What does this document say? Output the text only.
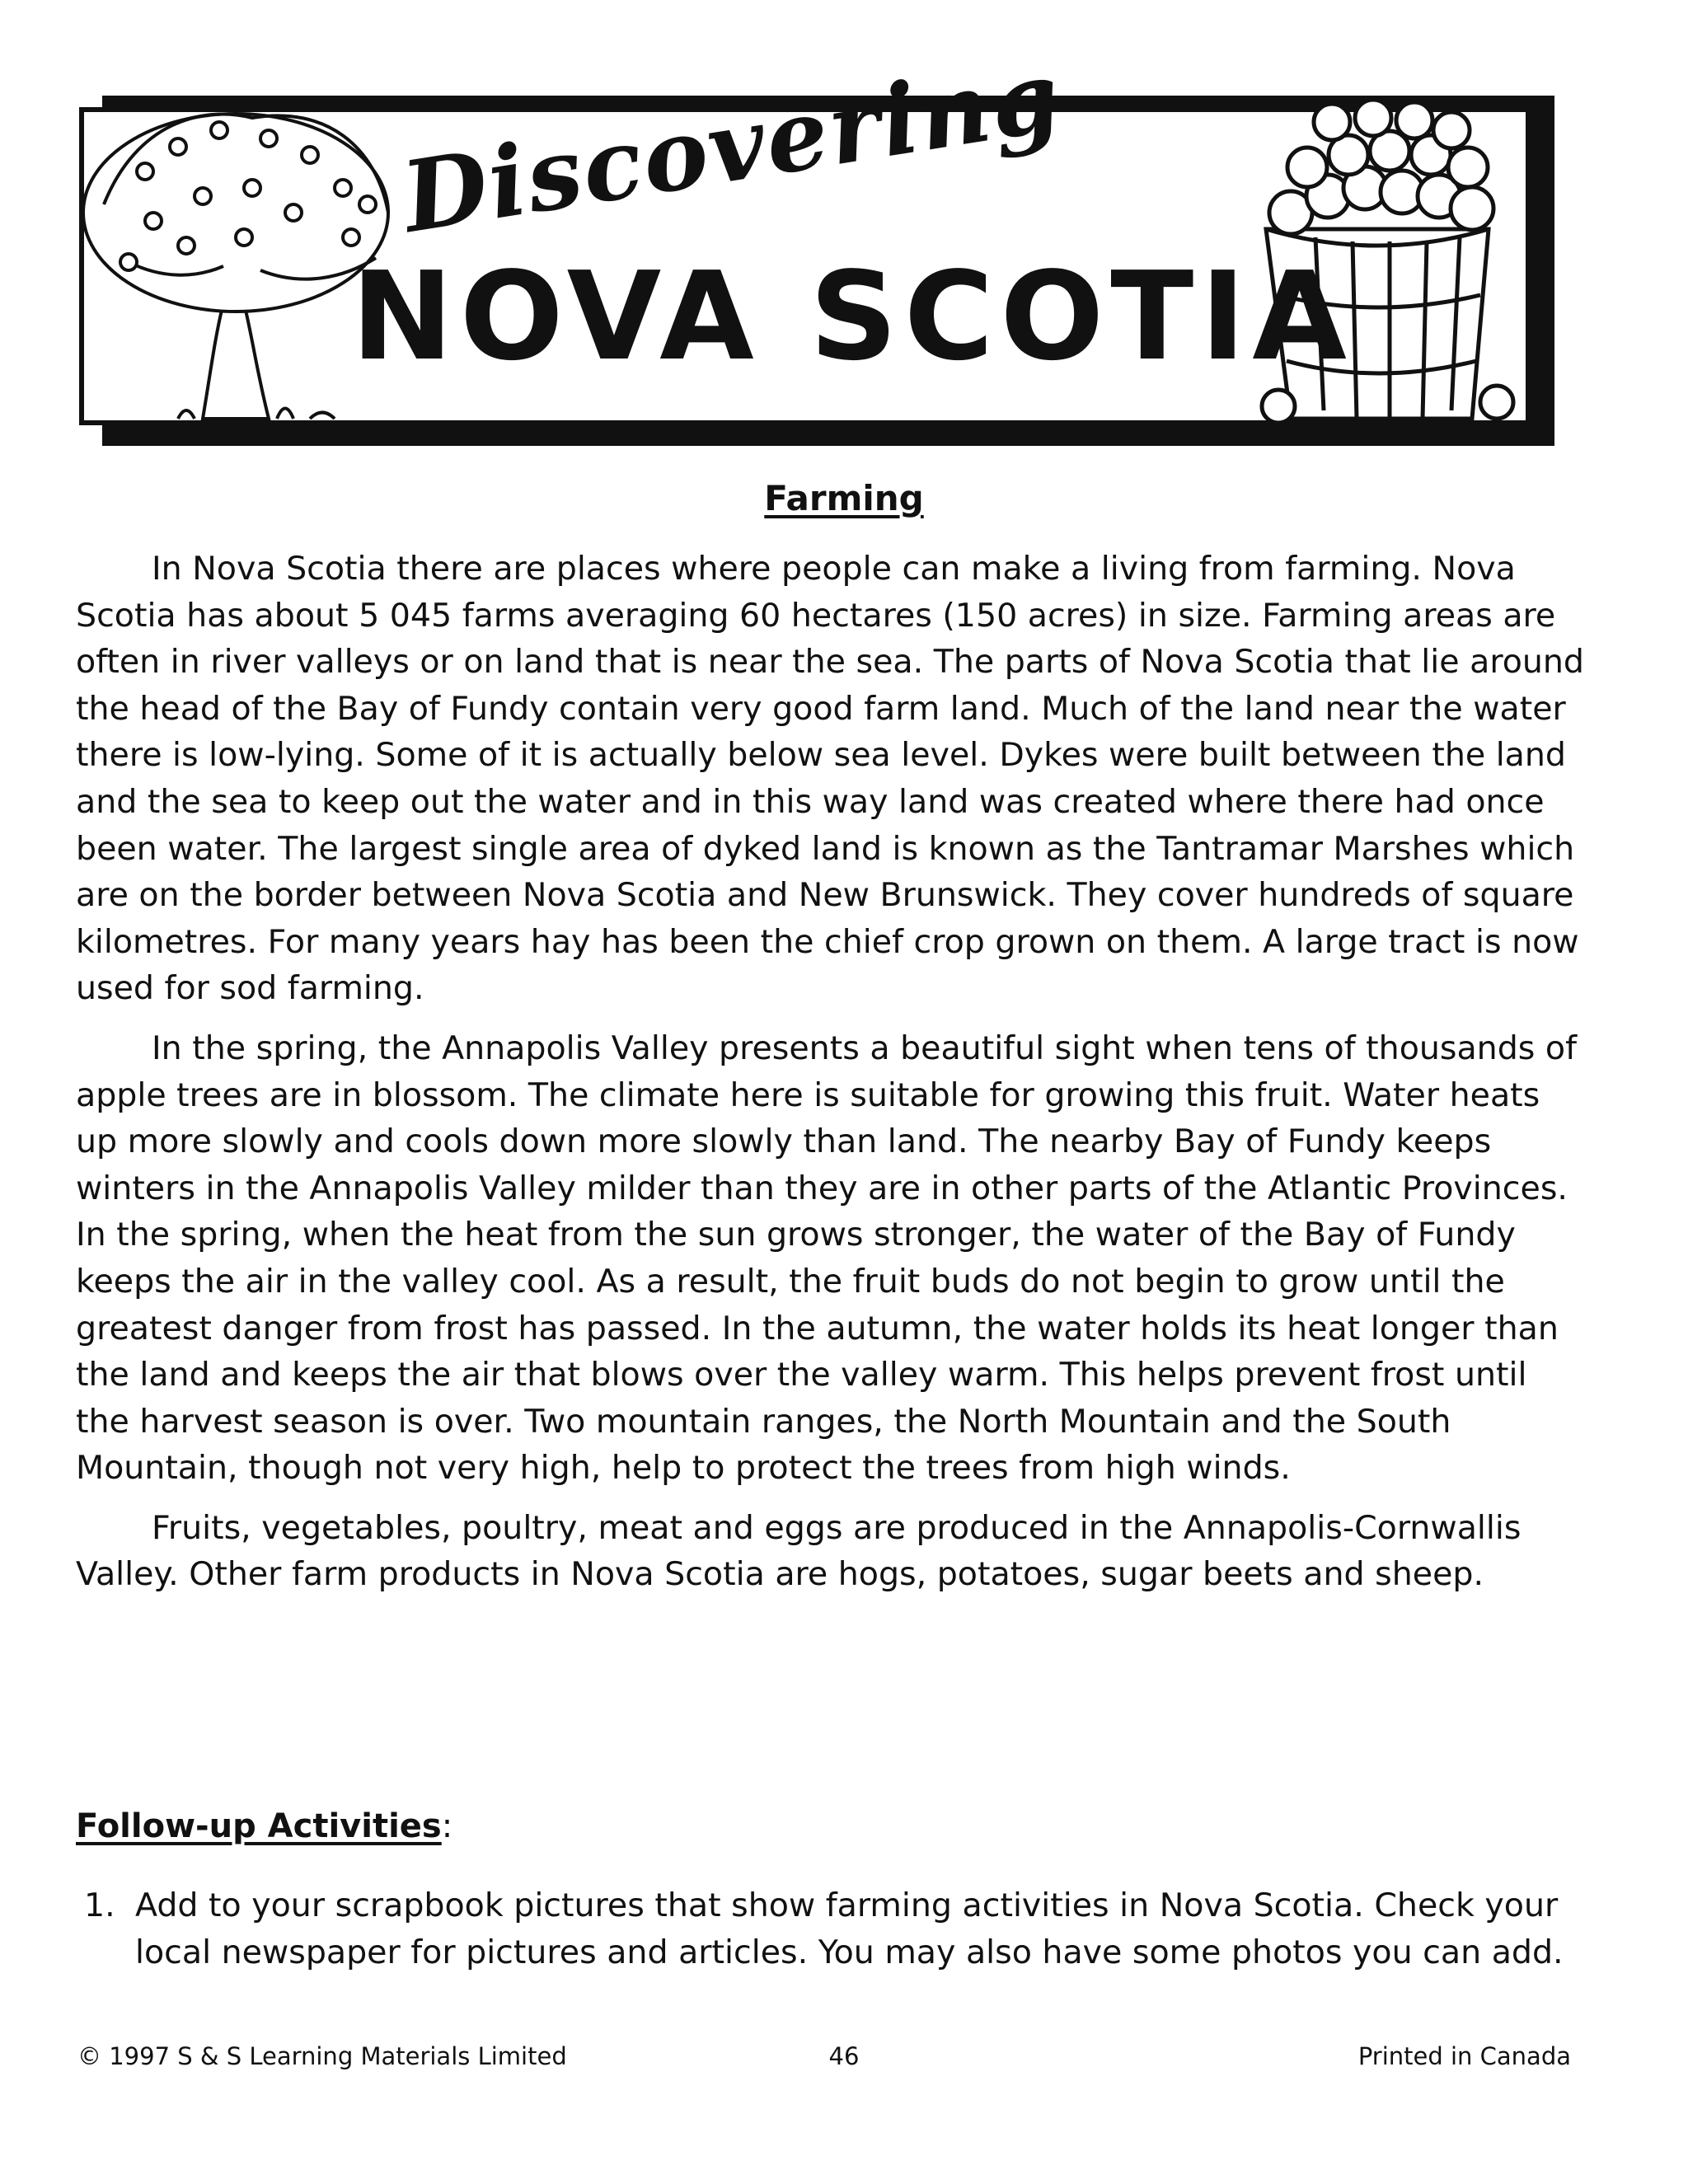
Discovering
NOVA SCOTIA
Farming

In Nova Scotia there are places where people can make a living from farming. Nova Scotia has about 5 045 farms averaging 60 hectares (150 acres) in size. Farming areas are often in river valleys or on land that is near the sea. The parts of Nova Scotia that lie around the head of the Bay of Fundy contain very good farm land. Much of the land near the water there is low-lying. Some of it is actually below sea level. Dykes were built between the land and the sea to keep out the water and in this way land was created where there had once been water. The largest single area of dyked land is known as the Tantramar Marshes which are on the border between Nova Scotia and New Brunswick. They cover hundreds of square kilometres. For many years hay has been the chief crop grown on them. A large tract is now used for sod farming.

In the spring, the Annapolis Valley presents a beautiful sight when tens of thousands of apple trees are in blossom. The climate here is suitable for growing this fruit. Water heats up more slowly and cools down more slowly than land. The nearby Bay of Fundy keeps winters in the Annapolis Valley milder than they are in other parts of the Atlantic Provinces. In the spring, when the heat from the sun grows stronger, the water of the Bay of Fundy keeps the air in the valley cool. As a result, the fruit buds do not begin to grow until the greatest danger from frost has passed. In the autumn, the water holds its heat longer than the land and keeps the air that blows over the valley warm. This helps prevent frost until the harvest season is over. Two mountain ranges, the North Mountain and the South Mountain, though not very high, help to protect the trees from high winds.

Fruits, vegetables, poultry, meat and eggs are produced in the Annapolis-Cornwallis Valley. Other farm products in Nova Scotia are hogs, potatoes, sugar beets and sheep.

Follow-up Activities:
1. Add to your scrapbook pictures that show farming activities in Nova Scotia. Check your local newspaper for pictures and articles. You may also have some photos you can add.
© 1997 S & S Learning Materials Limited	46	Printed in Canada
